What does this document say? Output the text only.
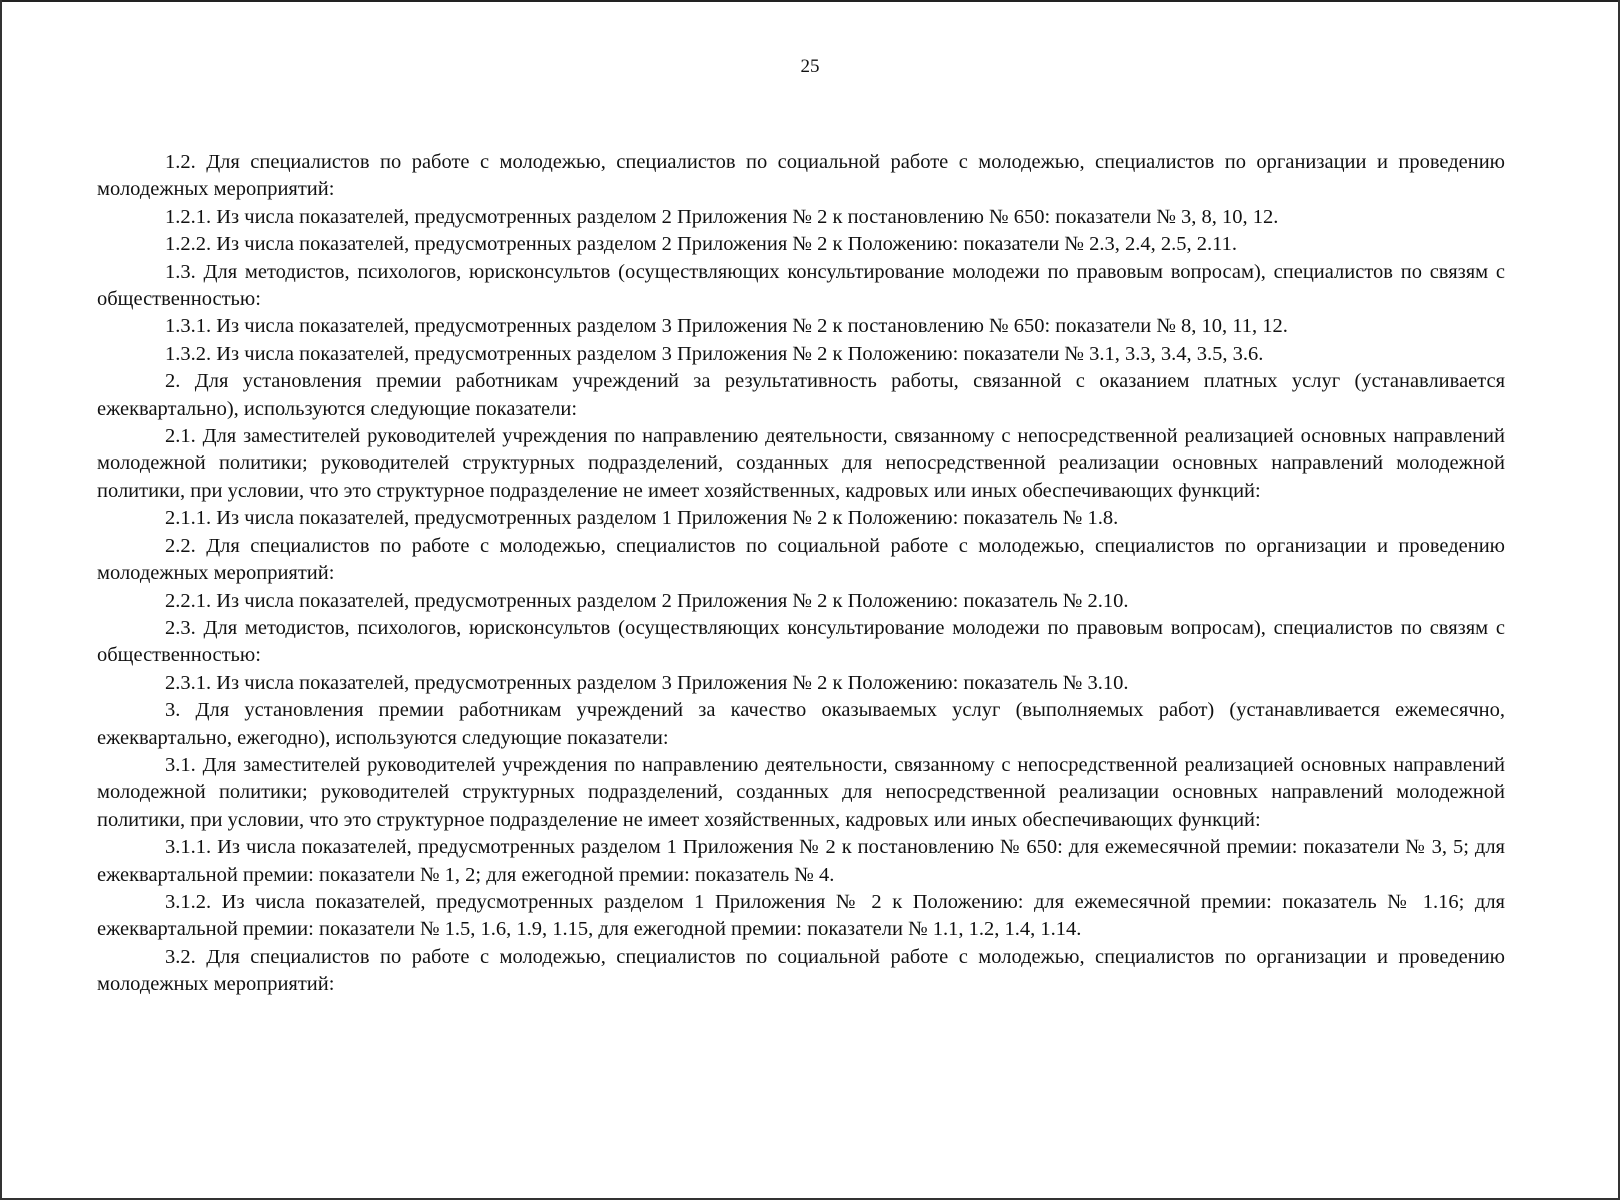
25

1.2. Для специалистов по работе с молодежью, специалистов по социальной работе с молодежью, специалистов по организации и проведению молодежных мероприятий:

1.2.1. Из числа показателей, предусмотренных разделом 2 Приложения № 2 к постановлению № 650: показатели № 3, 8, 10, 12.

1.2.2. Из числа показателей, предусмотренных разделом 2 Приложения № 2 к Положению: показатели № 2.3, 2.4, 2.5, 2.11.

1.3. Для методистов, психологов, юрисконсультов (осуществляющих консультирование молодежи по правовым вопросам), специалистов по связям с общественностью:

1.3.1. Из числа показателей, предусмотренных разделом 3 Приложения № 2 к постановлению № 650: показатели № 8, 10, 11, 12.

1.3.2. Из числа показателей, предусмотренных разделом 3 Приложения № 2 к Положению: показатели № 3.1, 3.3, 3.4, 3.5, 3.6.

2. Для установления премии работникам учреждений за результативность работы, связанной с оказанием платных услуг (устанавливается ежеквартально), используются следующие показатели:

2.1. Для заместителей руководителей учреждения по направлению деятельности, связанному с непосредственной реализацией основных направлений молодежной политики; руководителей структурных подразделений, созданных для непосредственной реализации основных направлений молодежной политики, при условии, что это структурное подразделение не имеет хозяйственных, кадровых или иных обеспечивающих функций:

2.1.1. Из числа показателей, предусмотренных разделом 1 Приложения № 2 к Положению: показатель № 1.8.

2.2. Для специалистов по работе с молодежью, специалистов по социальной работе с молодежью, специалистов по организации и проведению молодежных мероприятий:

2.2.1. Из числа показателей, предусмотренных разделом 2 Приложения № 2 к Положению: показатель № 2.10.

2.3. Для методистов, психологов, юрисконсультов (осуществляющих консультирование молодежи по правовым вопросам), специалистов по связям с общественностью:

2.3.1. Из числа показателей, предусмотренных разделом 3 Приложения № 2 к Положению: показатель № 3.10.

3. Для установления премии работникам учреждений за качество оказываемых услуг (выполняемых работ) (устанавливается ежемесячно, ежеквартально, ежегодно), используются следующие показатели:

3.1. Для заместителей руководителей учреждения по направлению деятельности, связанному с непосредственной реализацией основных направлений молодежной политики; руководителей структурных подразделений, созданных для непосредственной реализации основных направлений молодежной политики, при условии, что это структурное подразделение не имеет хозяйственных, кадровых или иных обеспечивающих функций:

3.1.1. Из числа показателей, предусмотренных разделом 1 Приложения № 2 к постановлению № 650: для ежемесячной премии: показатели № 3, 5; для ежеквартальной премии: показатели № 1, 2; для ежегодной премии: показатель № 4.

3.1.2. Из числа показателей, предусмотренных разделом 1 Приложения № 2 к Положению: для ежемесячной премии: показатель № 1.16; для ежеквартальной премии: показатели № 1.5, 1.6, 1.9, 1.15, для ежегодной премии: показатели № 1.1, 1.2, 1.4, 1.14.

3.2. Для специалистов по работе с молодежью, специалистов по социальной работе с молодежью, специалистов по организации и проведению молодежных мероприятий:
